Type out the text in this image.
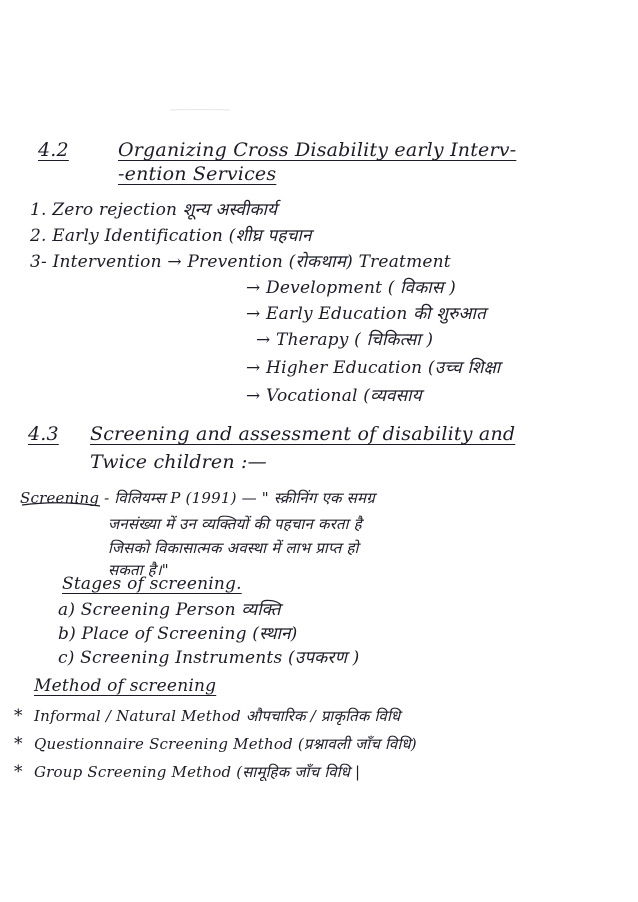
4.2	Organizing Cross Disability early Interv-
-ention Services
1. Zero rejection शून्य अस्वीकार्य
2. Early Identification (शीघ्र पहचान
3- Intervention → Prevention (रोकथाम) Treatment
→ Development ( विकास )
→ Early Education की शुरुआत
→ Therapy ( चिकित्सा )
→ Higher Education (उच्च शिक्षा
→ Vocational (व्यवसाय
4.3 Screening and assessment of disability and
Twice children :—
Screening - विलियम्स P (1991) — " स्क्रीनिंग एक समग्र
जनसंख्या में उन व्यक्तियों की पहचान करता है
जिसको विकासात्मक अवस्था में लाभ प्राप्त हो
सकता है।"
Stages of screening.
a) Screening Person व्यक्ति
b) Place of Screening (स्थान)
c) Screening Instruments (उपकरण )
Method of screening
* Informal / Natural Method औपचारिक / प्राकृतिक विधि
* Questionnaire Screening Method (प्रश्नावली जाँच विधि)
* Group Screening Method (सामूहिक जाँच विधि |
